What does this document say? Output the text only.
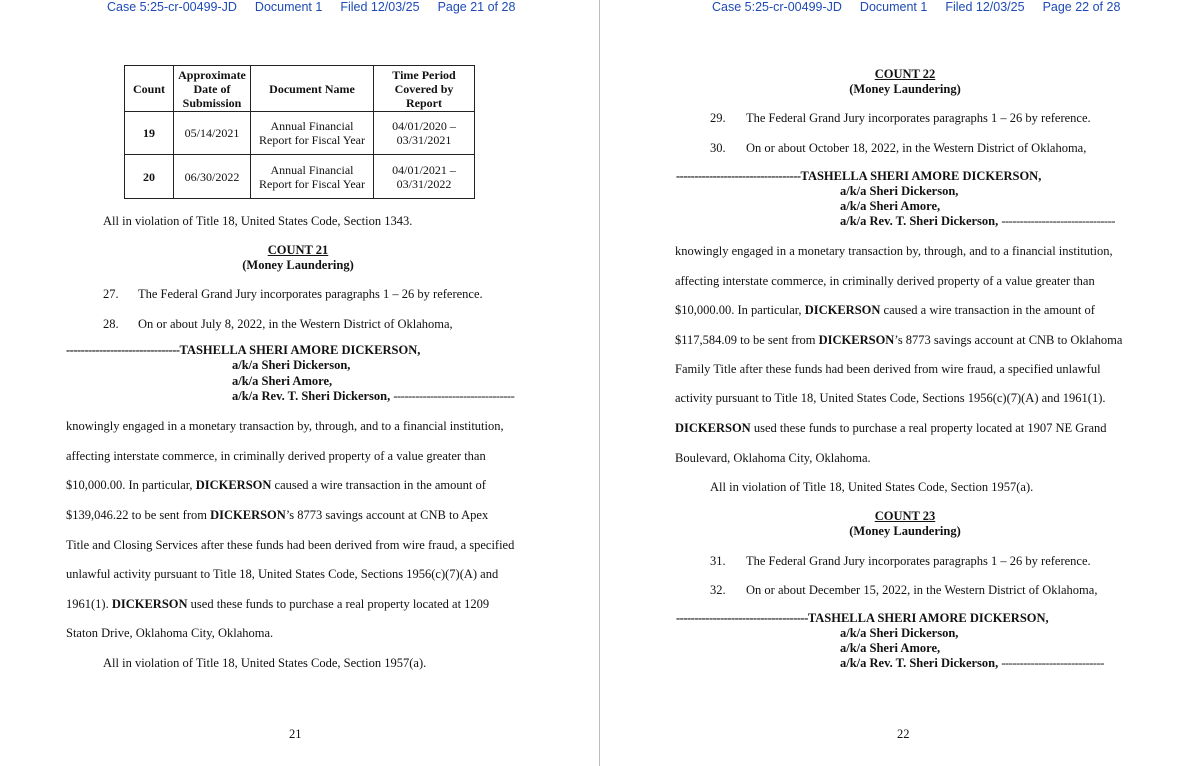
Case 5:25-cr-00499-JD Document 1 Filed 12/03/25 Page 21 of 28
Count	Approximate Date of Submission	Document Name	Time Period Covered by Report
19	05/14/2021	Annual Financial Report for Fiscal Year	04/01/2020 – 03/31/2021
20	06/30/2022	Annual Financial Report for Fiscal Year	04/01/2021 – 03/31/2022
All in violation of Title 18, United States Code, Section 1343.
COUNT 21
(Money Laundering)
27. The Federal Grand Jury incorporates paragraphs 1 – 26 by reference.
28. On or about July 8, 2022, in the Western District of Oklahoma,
-------------------------------TASHELLA SHERI AMORE DICKERSON,
a/k/a Sheri Dickerson,
a/k/a Sheri Amore,
a/k/a Rev. T. Sheri Dickerson, ---------------------------------
knowingly engaged in a monetary transaction by, through, and to a financial institution,
affecting interstate commerce, in criminally derived property of a value greater than
$10,000.00. In particular, DICKERSON caused a wire transaction in the amount of
$139,046.22 to be sent from DICKERSON’s 8773 savings account at CNB to Apex
Title and Closing Services after these funds had been derived from wire fraud, a specified
unlawful activity pursuant to Title 18, United States Code, Sections 1956(c)(7)(A) and
1961(1). DICKERSON used these funds to purchase a real property located at 1209
Staton Drive, Oklahoma City, Oklahoma.
All in violation of Title 18, United States Code, Section 1957(a).
21
Case 5:25-cr-00499-JD Document 1 Filed 12/03/25 Page 22 of 28
COUNT 22
(Money Laundering)
29. The Federal Grand Jury incorporates paragraphs 1 – 26 by reference.
30. On or about October 18, 2022, in the Western District of Oklahoma,
----------------------------------TASHELLA SHERI AMORE DICKERSON,
a/k/a Sheri Dickerson,
a/k/a Sheri Amore,
a/k/a Rev. T. Sheri Dickerson, -------------------------------
knowingly engaged in a monetary transaction by, through, and to a financial institution,
affecting interstate commerce, in criminally derived property of a value greater than
$10,000.00. In particular, DICKERSON caused a wire transaction in the amount of
$117,584.09 to be sent from DICKERSON’s 8773 savings account at CNB to Oklahoma
Family Title after these funds had been derived from wire fraud, a specified unlawful
activity pursuant to Title 18, United States Code, Sections 1956(c)(7)(A) and 1961(1).
DICKERSON used these funds to purchase a real property located at 1907 NE Grand
Boulevard, Oklahoma City, Oklahoma.
All in violation of Title 18, United States Code, Section 1957(a).
COUNT 23
(Money Laundering)
31. The Federal Grand Jury incorporates paragraphs 1 – 26 by reference.
32. On or about December 15, 2022, in the Western District of Oklahoma,
------------------------------------TASHELLA SHERI AMORE DICKERSON,
a/k/a Sheri Dickerson,
a/k/a Sheri Amore,
a/k/a Rev. T. Sheri Dickerson, ----------------------------
22
